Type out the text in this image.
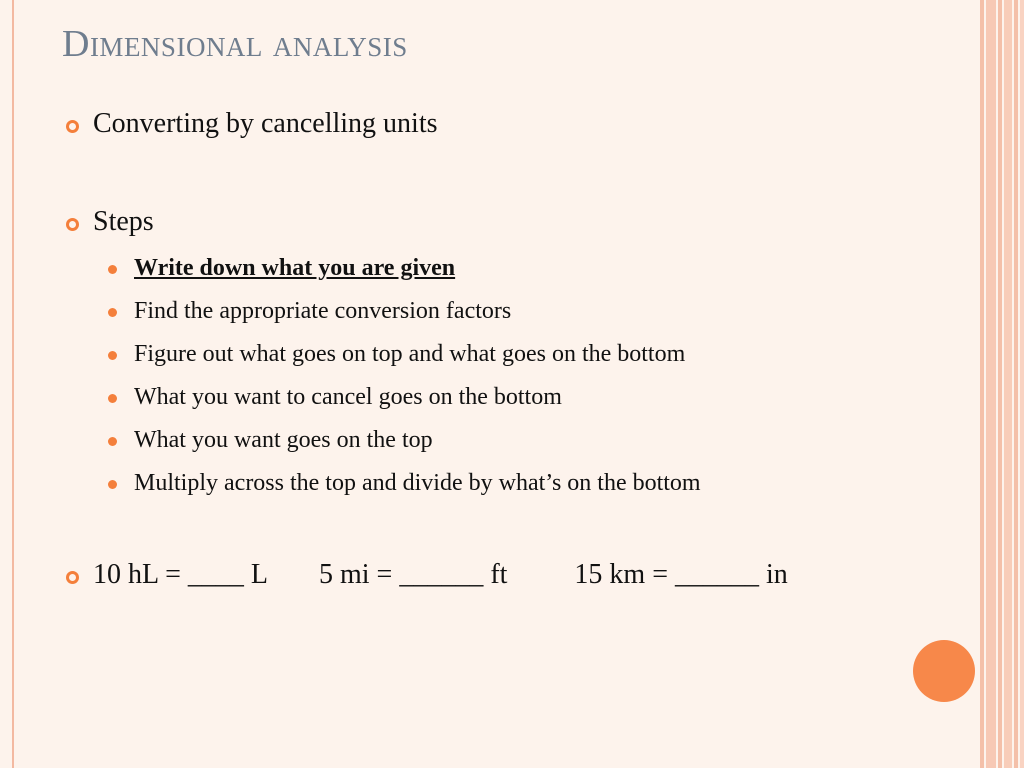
Dimensional analysis
Converting by cancelling units
Steps
Write down what you are given
Find the appropriate conversion factors
Figure out what goes on top and what goes on the bottom
What you want to cancel goes on the bottom
What you want goes on the top
Multiply across the top and divide by what’s on the bottom
10 hL = ____ L 5 mi = ______ ft 15 km = ______ in
